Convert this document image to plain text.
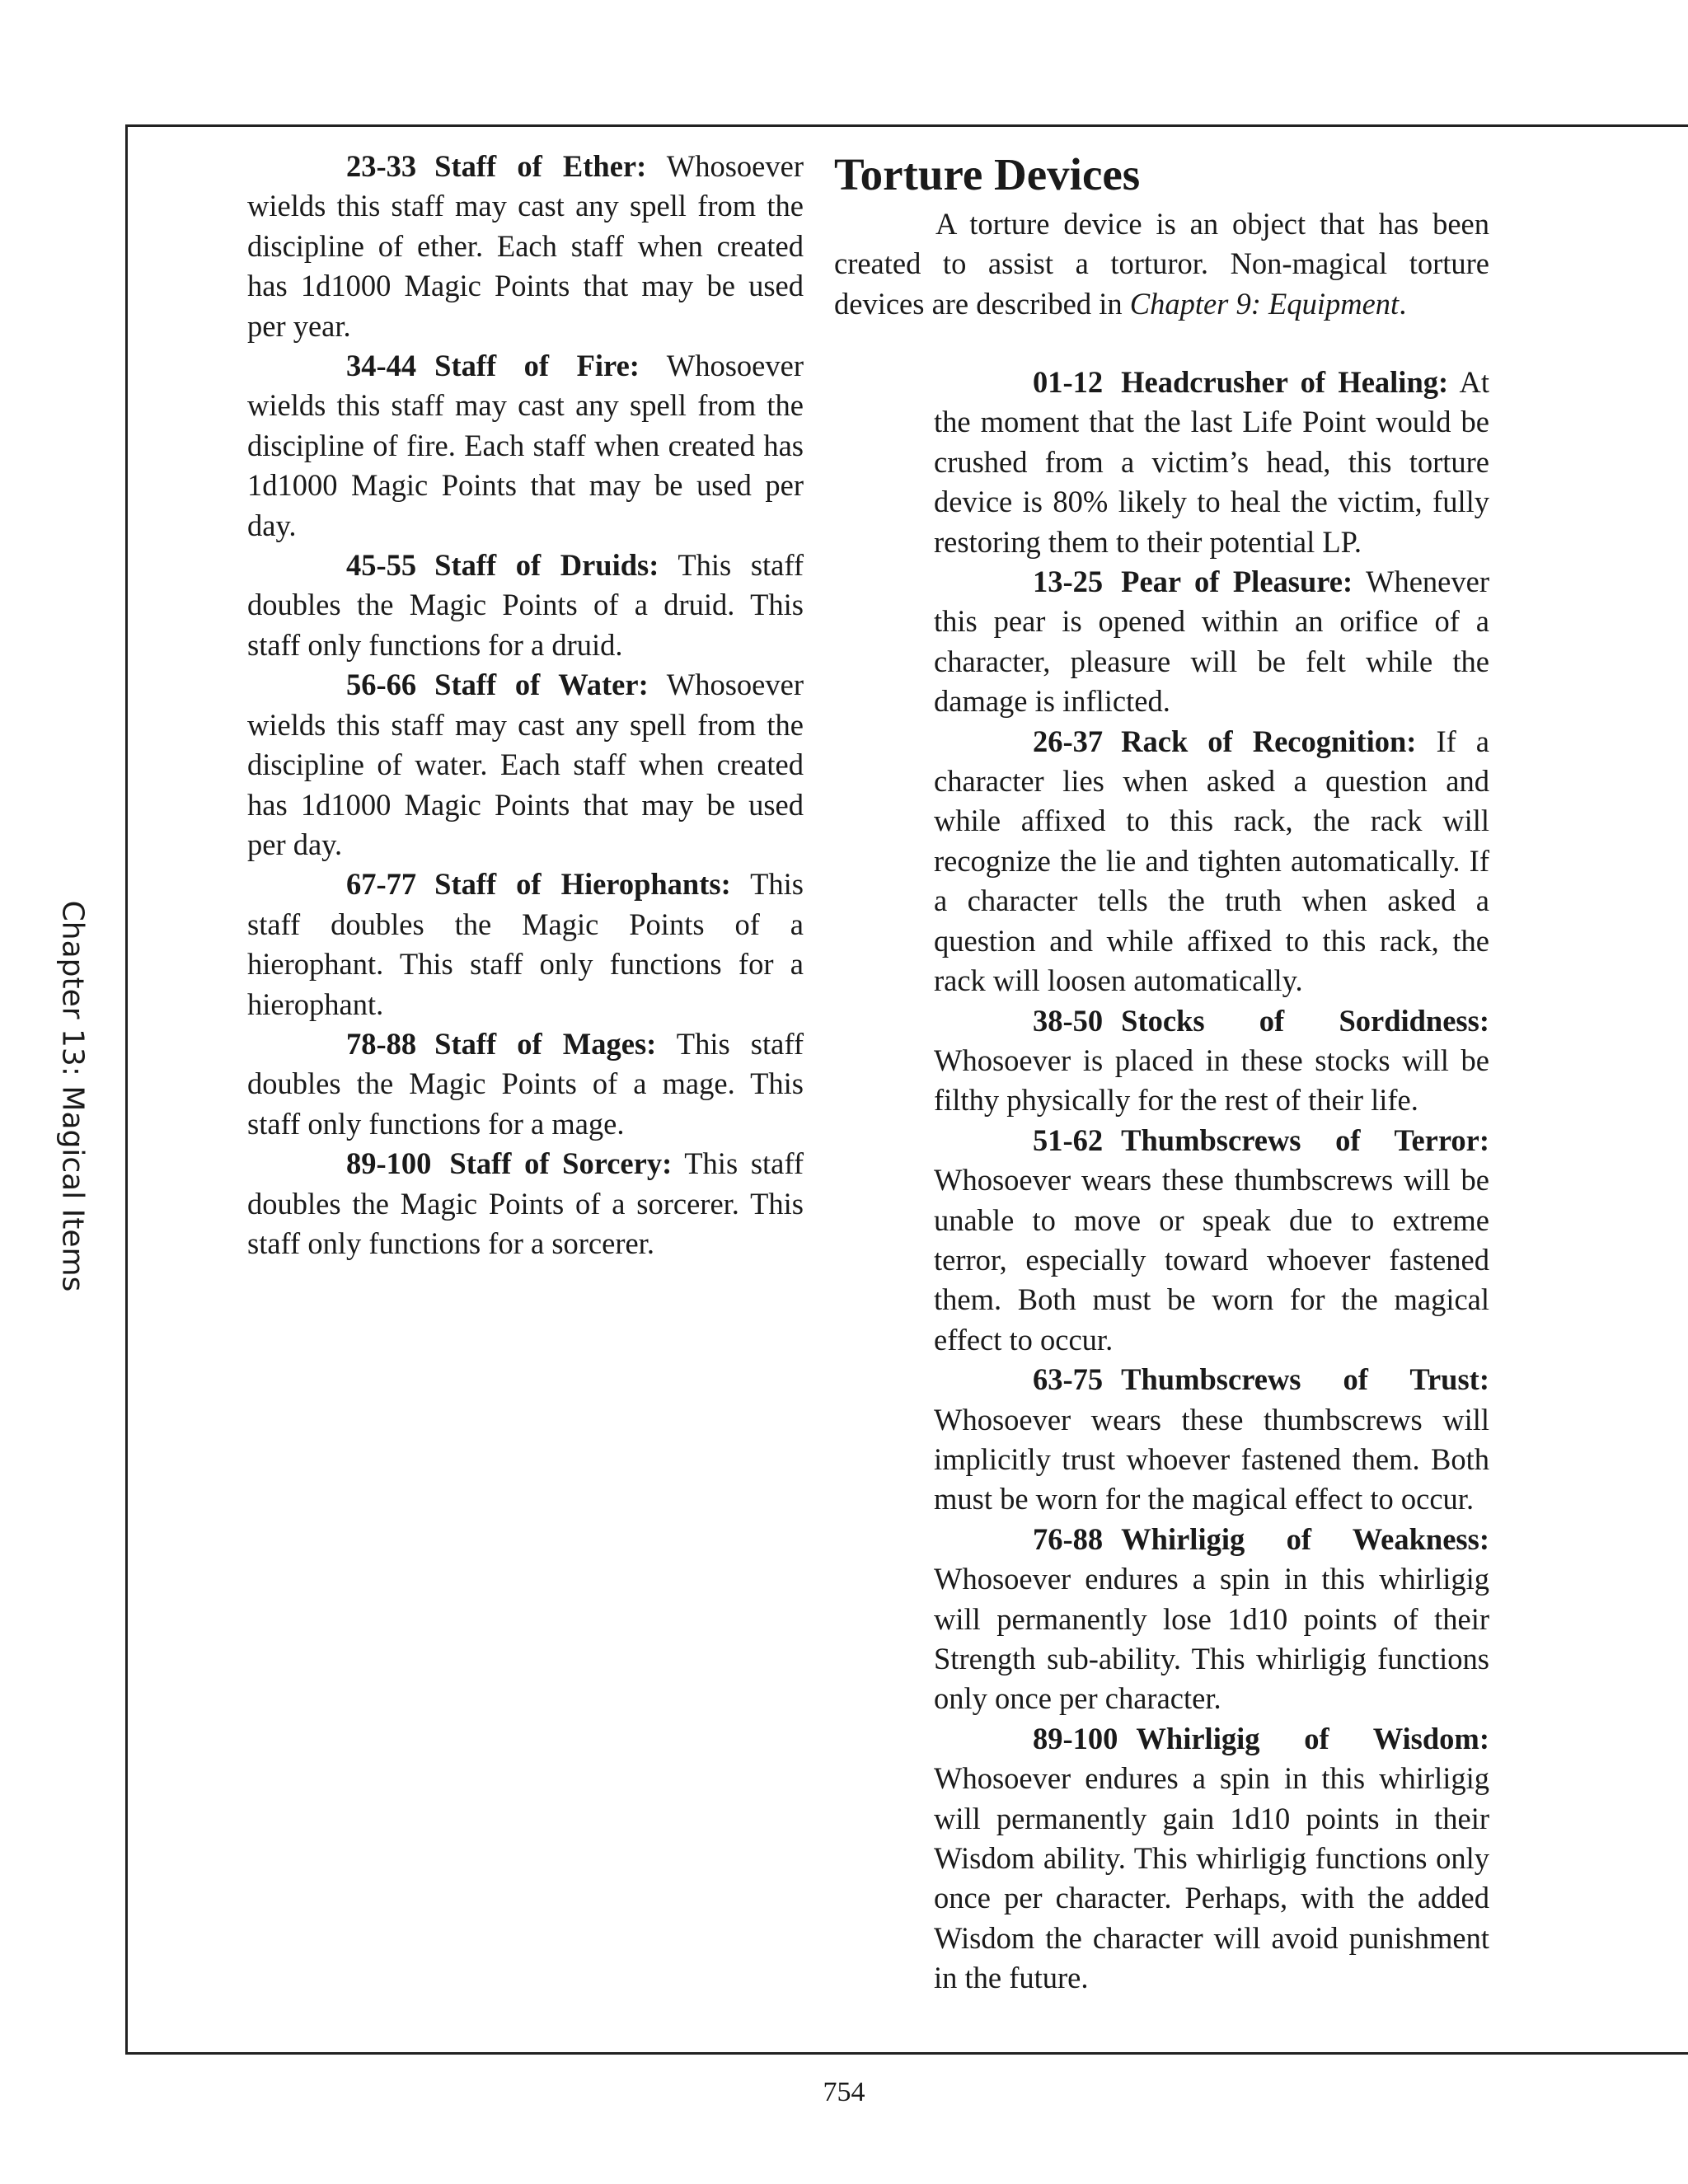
Chapter 13: Magical Items

23-33 Staff of Ether: Whosoever wields this staff may cast any spell from the discipline of ether. Each staff when created has 1d1000 Magic Points that may be used per year.

34-44 Staff of Fire: Whosoever wields this staff may cast any spell from the discipline of fire. Each staff when created has 1d1000 Magic Points that may be used per day.

45-55 Staff of Druids: This staff doubles the Magic Points of a druid. This staff only functions for a druid.

56-66 Staff of Water: Whosoever wields this staff may cast any spell from the discipline of water. Each staff when created has 1d1000 Magic Points that may be used per day.

67-77 Staff of Hierophants: This staff doubles the Magic Points of a hierophant. This staff only functions for a hierophant.

78-88 Staff of Mages: This staff doubles the Magic Points of a mage. This staff only functions for a mage.

89-100 Staff of Sorcery: This staff doubles the Magic Points of a sorcerer. This staff only functions for a sorcerer.

Torture Devices

A torture device is an object that has been created to assist a torturor. Non-magical torture devices are described in Chapter 9: Equipment.

01-12 Headcrusher of Healing: At the moment that the last Life Point would be crushed from a victim’s head, this torture device is 80% likely to heal the victim, fully restoring them to their potential LP.

13-25 Pear of Pleasure: Whenever this pear is opened within an orifice of a character, pleasure will be felt while the damage is inflicted.

26-37 Rack of Recognition: If a character lies when asked a question and while affixed to this rack, the rack will recognize the lie and tighten automatically. If a character tells the truth when asked a question and while affixed to this rack, the rack will loosen automatically.

38-50 Stocks of Sordidness: Whosoever is placed in these stocks will be filthy physically for the rest of their life.

51-62 Thumbscrews of Terror: Whosoever wears these thumbscrews will be unable to move or speak due to extreme terror, especially toward whoever fastened them. Both must be worn for the magical effect to occur.

63-75 Thumbscrews of Trust: Whosoever wears these thumbscrews will implicitly trust whoever fastened them. Both must be worn for the magical effect to occur.

76-88 Whirligig of Weakness: Whosoever endures a spin in this whirligig will permanently lose 1d10 points of their Strength sub-ability. This whirligig functions only once per character.

89-100 Whirligig of Wisdom: Whosoever endures a spin in this whirligig will permanently gain 1d10 points in their Wisdom ability. This whirligig functions only once per character. Perhaps, with the added Wisdom the character will avoid punishment in the future.

754
